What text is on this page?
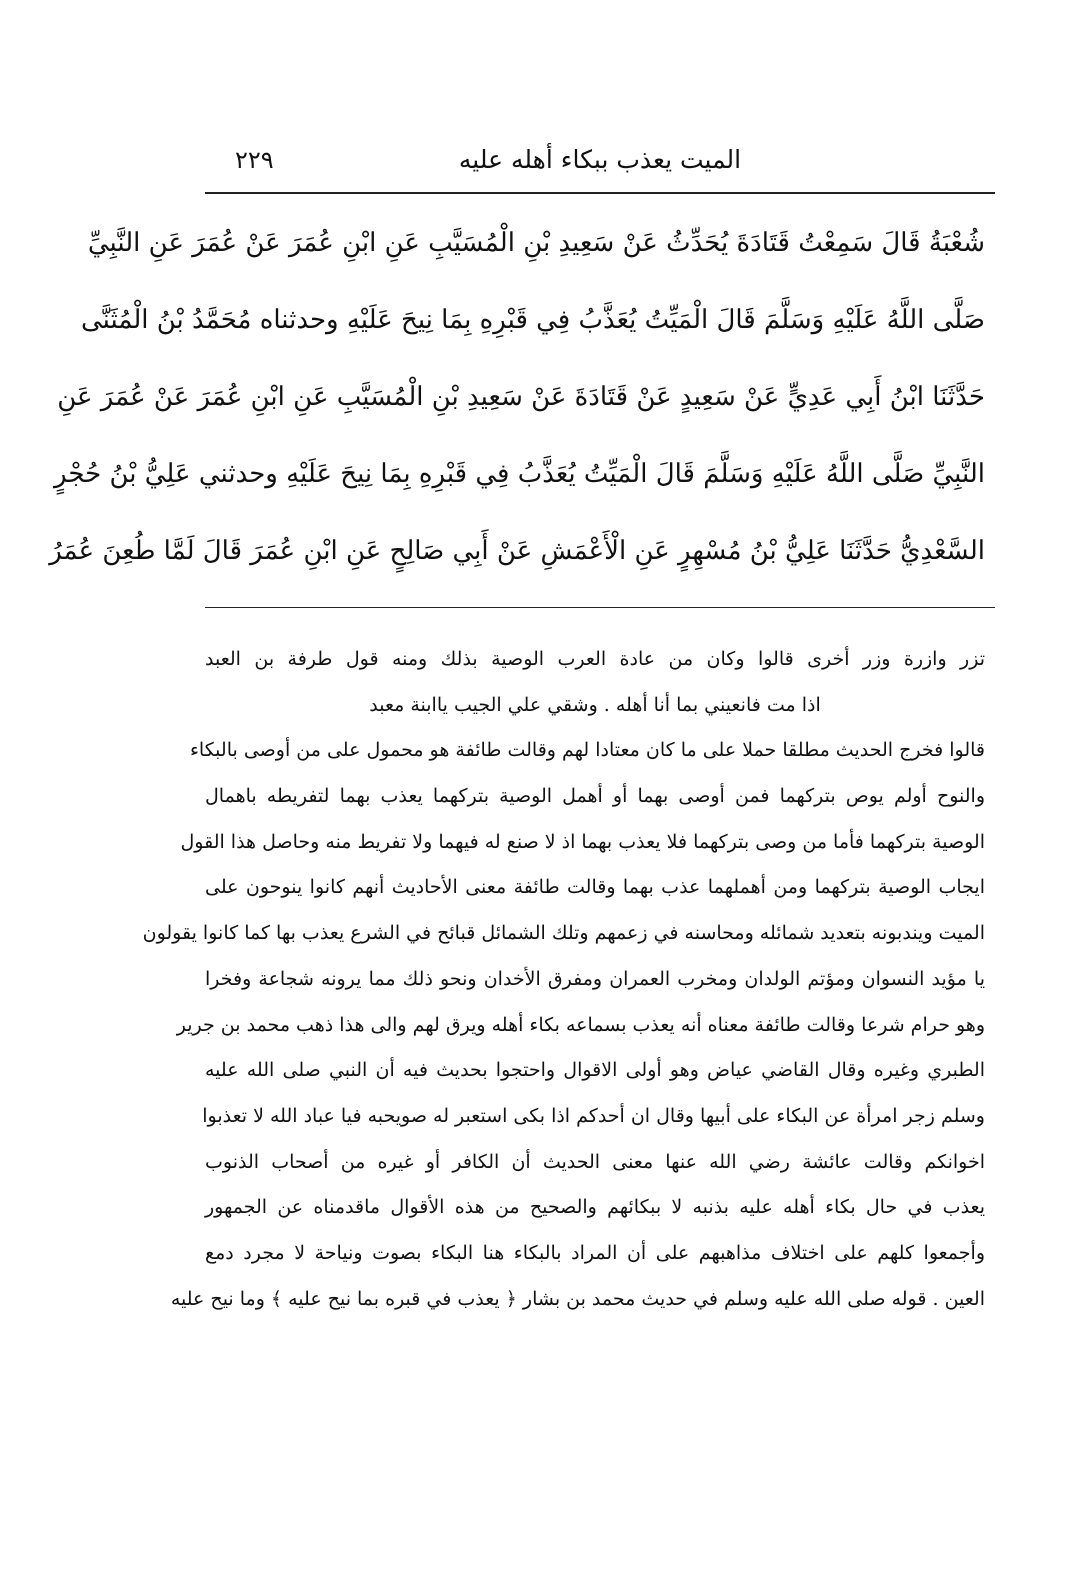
الميت يعذب ببكاء أهله عليه
٢٢٩
شُعْبَةُ قَالَ سَمِعْتُ قَتَادَةَ يُحَدِّثُ عَنْ سَعِيدِ بْنِ الْمُسَيَّبِ عَنِ ابْنِ عُمَرَ عَنْ عُمَرَ عَنِ النَّبِيِّ
صَلَّى اللَّهُ عَلَيْهِ وَسَلَّمَ قَالَ الْمَيِّتُ يُعَذَّبُ فِي قَبْرِهِ بِمَا نِيحَ عَلَيْهِ وحدثناه مُحَمَّدُ بْنُ الْمُثَنَّى
حَدَّثَنَا ابْنُ أَبِي عَدِيٍّ عَنْ سَعِيدٍ عَنْ قَتَادَةَ عَنْ سَعِيدِ بْنِ الْمُسَيَّبِ عَنِ ابْنِ عُمَرَ عَنْ عُمَرَ عَنِ
النَّبِيِّ صَلَّى اللَّهُ عَلَيْهِ وَسَلَّمَ قَالَ الْمَيِّتُ يُعَذَّبُ فِي قَبْرِهِ بِمَا نِيحَ عَلَيْهِ وحدثني عَلِيُّ بْنُ حُجْرٍ
السَّعْدِيُّ حَدَّثَنَا عَلِيُّ بْنُ مُسْهِرٍ عَنِ الْأَعْمَشِ عَنْ أَبِي صَالِحٍ عَنِ ابْنِ عُمَرَ قَالَ لَمَّا طُعِنَ عُمَرُ
تزر وازرة وزر أخرى قالوا وكان من عادة العرب الوصية بذلك ومنه قول طرفة بن العبد
اذا مت فانعيني بما أنا أهله . وشقي علي الجيب ياابنة معبد
قالوا فخرج الحديث مطلقا حملا على ما كان معتادا لهم وقالت طائفة هو محمول على من أوصى بالبكاء
والنوح أولم يوص بتركهما فمن أوصى بهما أو أهمل الوصية بتركهما يعذب بهما لتفريطه باهمال
الوصية بتركهما فأما من وصى بتركهما فلا يعذب بهما اذ لا صنع له فيهما ولا تفريط منه وحاصل هذا القول
ايجاب الوصية بتركهما ومن أهملهما عذب بهما وقالت طائفة معنى الأحاديث أنهم كانوا ينوحون على
الميت ويندبونه بتعديد شمائله ومحاسنه في زعمهم وتلك الشمائل قبائح في الشرع يعذب بها كما كانوا يقولون
يا مؤيد النسوان ومؤتم الولدان ومخرب العمران ومفرق الأخدان ونحو ذلك مما يرونه شجاعة وفخرا
وهو حرام شرعا وقالت طائفة معناه أنه يعذب بسماعه بكاء أهله ويرق لهم والى هذا ذهب محمد بن جرير
الطبري وغيره وقال القاضي عياض وهو أولى الاقوال واحتجوا بحديث فيه أن النبي صلى الله عليه
وسلم زجر امرأة عن البكاء على أبيها وقال ان أحدكم اذا بكى استعبر له صويحبه فيا عباد الله لا تعذبوا
اخوانكم وقالت عائشة رضي الله عنها معنى الحديث أن الكافر أو غيره من أصحاب الذنوب
يعذب في حال بكاء أهله عليه بذنبه لا ببكائهم والصحيح من هذه الأقوال ماقدمناه عن الجمهور
وأجمعوا كلهم على اختلاف مذاهبهم على أن المراد بالبكاء هنا البكاء بصوت ونياحة لا مجرد دمع
العين . قوله صلى الله عليه وسلم في حديث محمد بن بشار ﴿ يعذب في قبره بما نيح عليه ﴾ وما نيح عليه
